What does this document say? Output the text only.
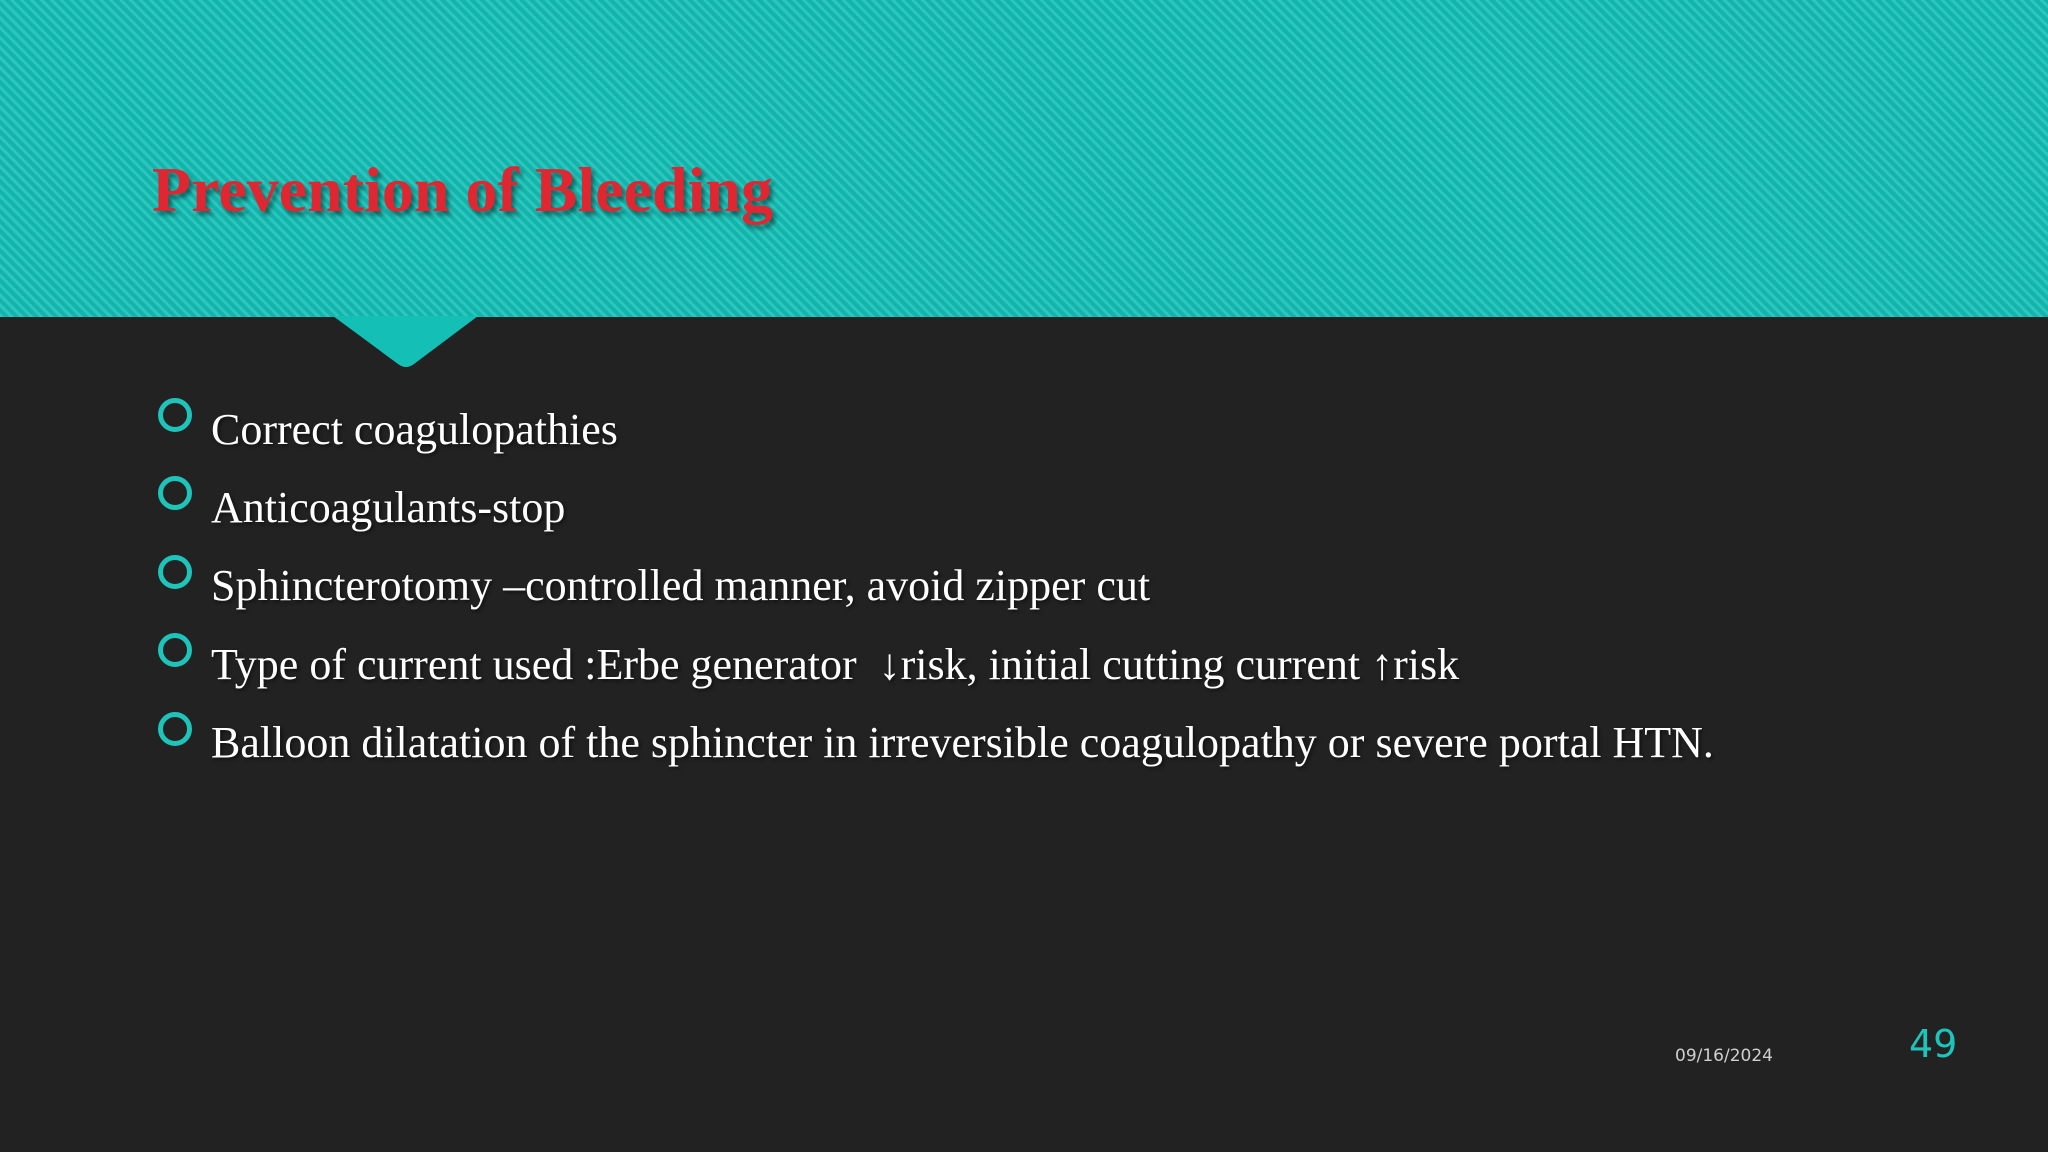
Prevention of Bleeding
Correct coagulopathies
Anticoagulants-stop
Sphincterotomy –controlled manner, avoid zipper cut
Type of current used :Erbe generator  ↓risk, initial cutting current ↑risk
Balloon dilatation of the sphincter in irreversible coagulopathy or severe portal HTN.
09/16/2024	49
